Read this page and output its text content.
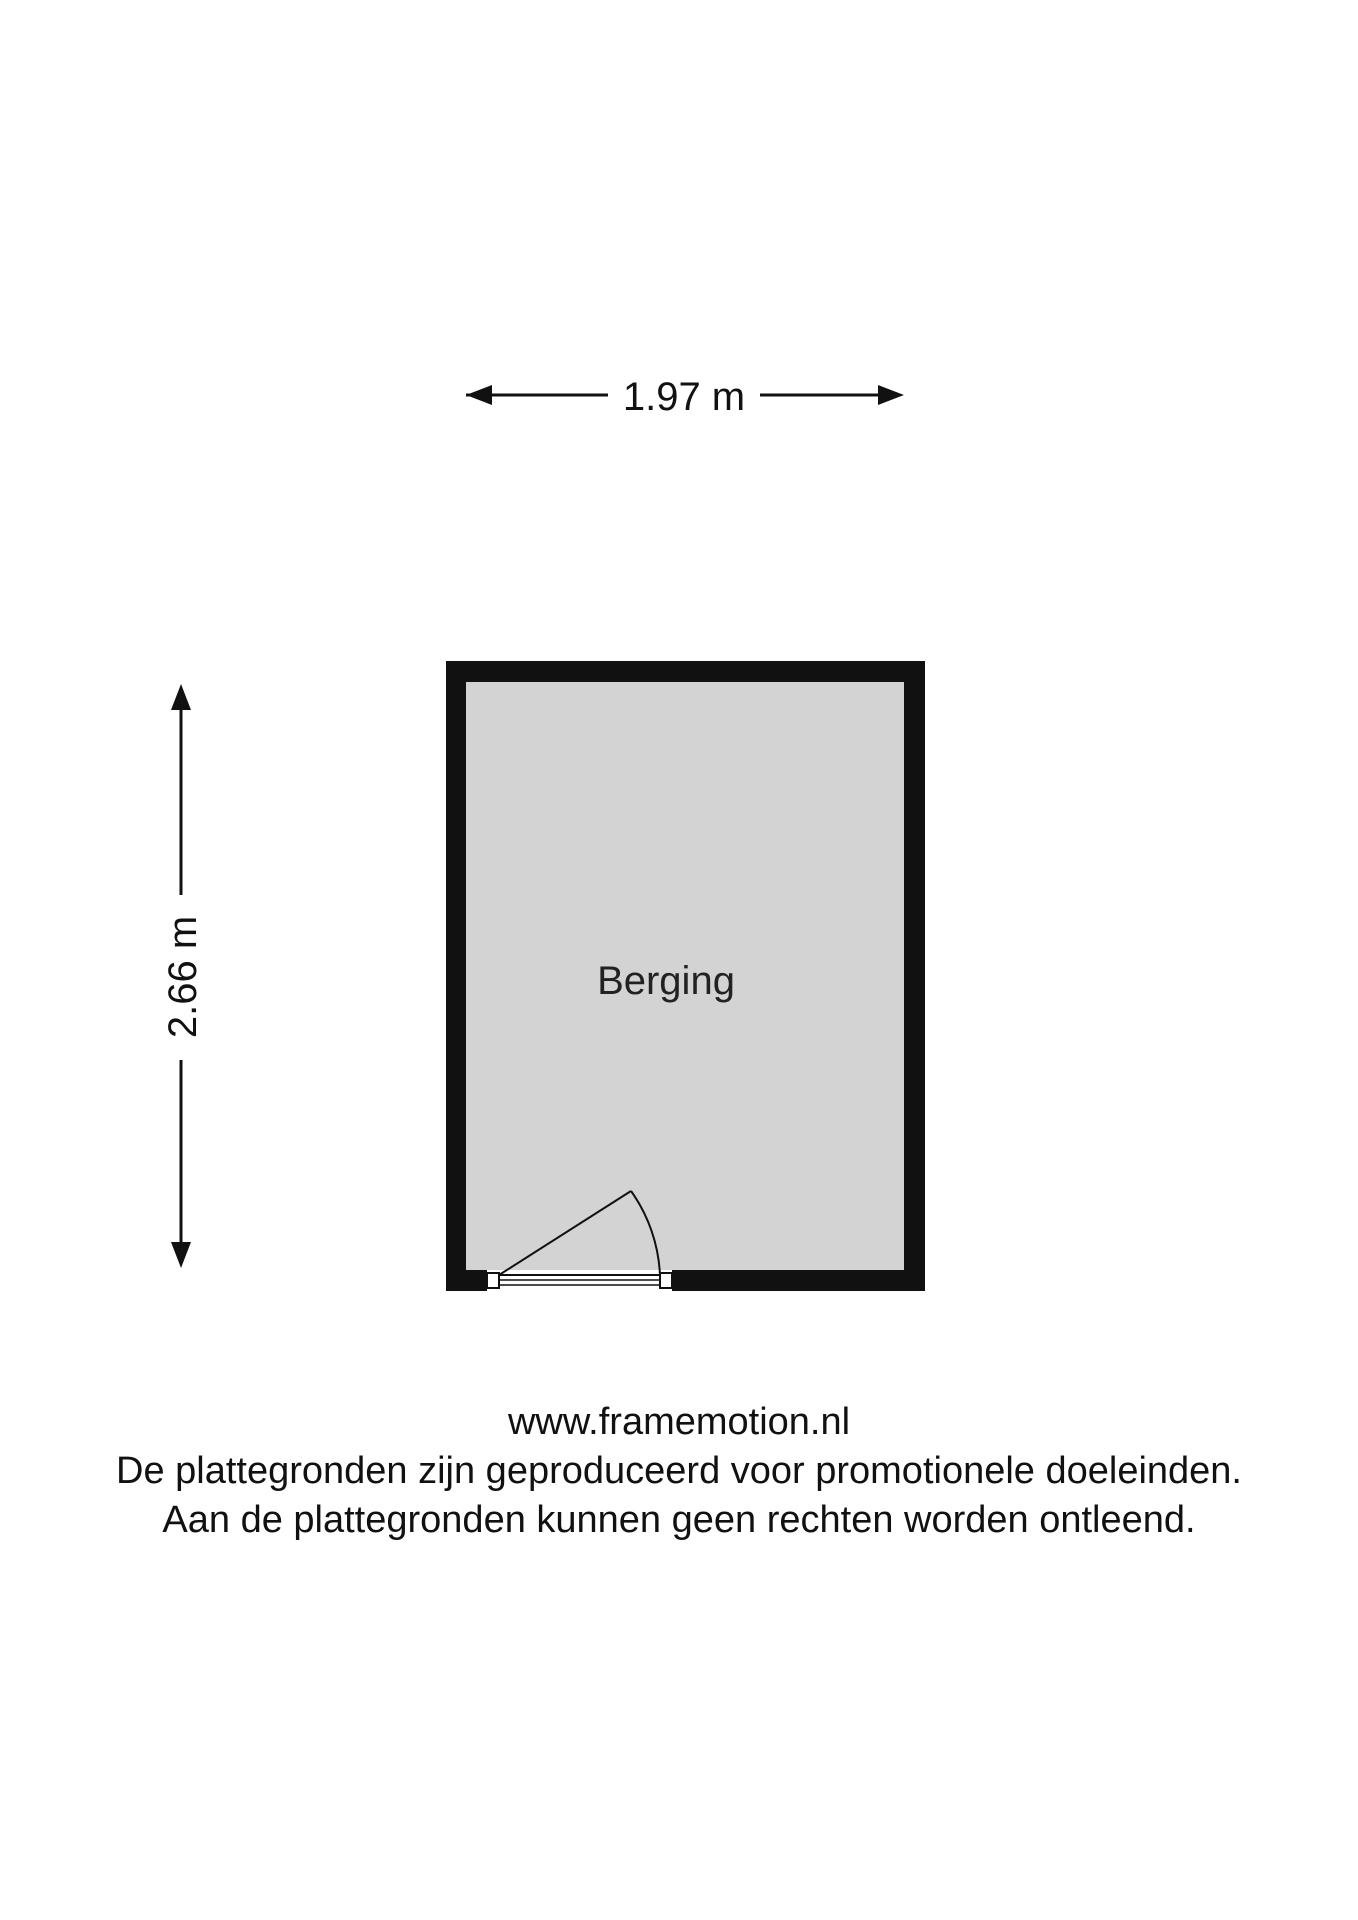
1.97 m
2.66 m	Berging
www.framemotion.nl
De plattegronden zijn geproduceerd voor promotionele doeleinden.
Aan de plattegronden kunnen geen rechten worden ontleend.
